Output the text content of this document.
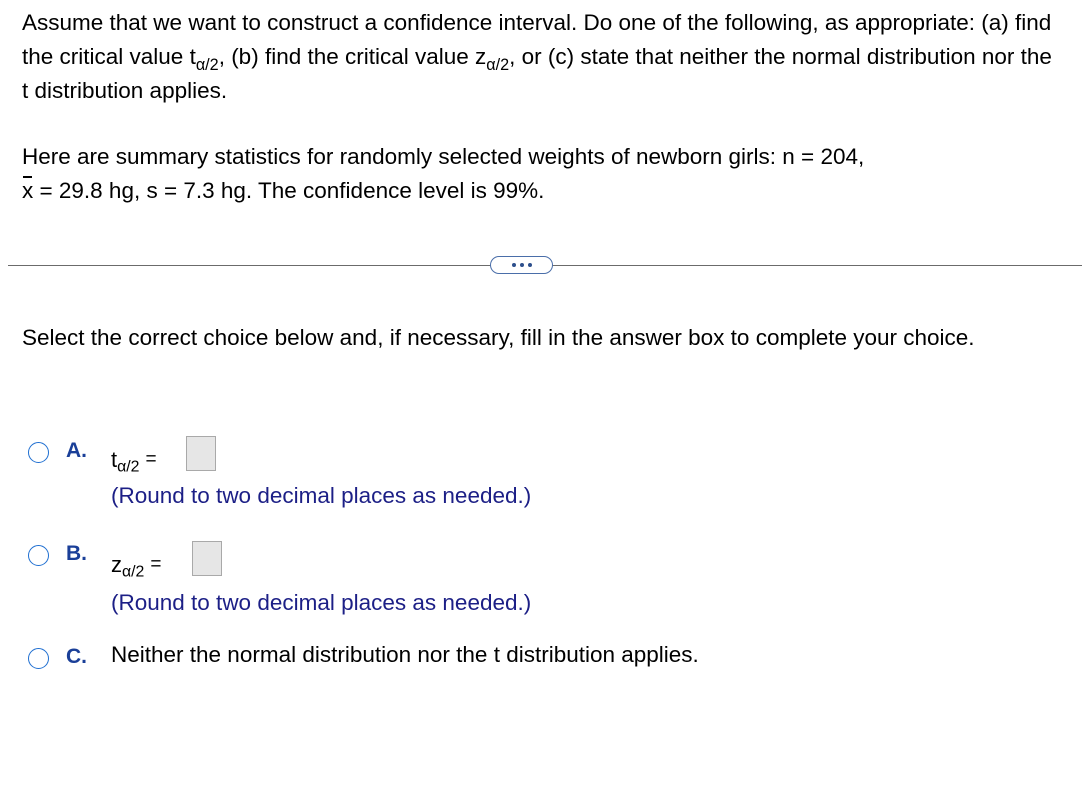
Assume that we want to construct a confidence interval. Do one of the following, as appropriate: (a) find the critical value $t_{\alpha/2}$, (b) find the critical value $z_{\alpha/2}$, or (c) state that neither the normal distribution nor the t distribution applies.
Here are summary statistics for randomly selected weights of newborn girls: n = 204,
x = 29.8 hg, s = 7.3 hg. The confidence level is 99%.
Select the correct choice below and, if necessary, fill in the answer box to complete your choice.
A. $t_{\alpha/2}$ =
(Round to two decimal places as needed.)
B. $z_{\alpha/2}$ =
(Round to two decimal places as needed.)
C. Neither the normal distribution nor the t distribution applies.
